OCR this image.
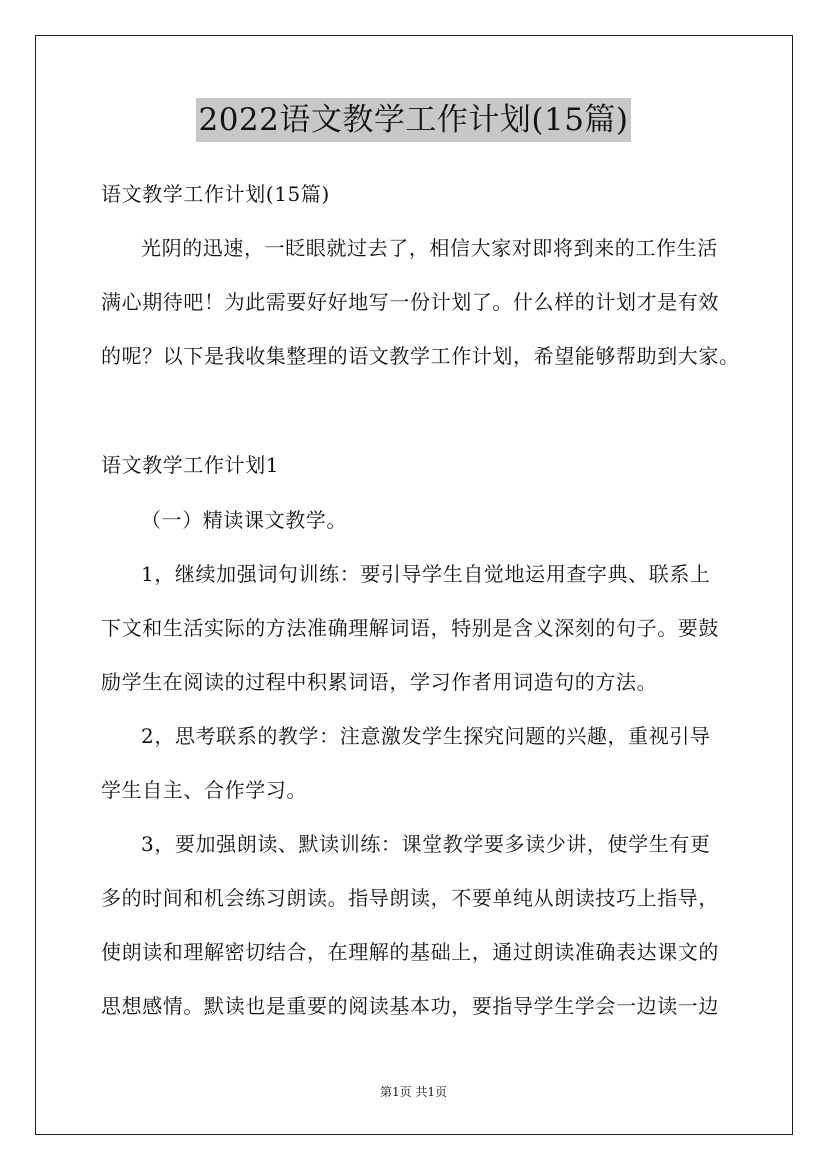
2022语文教学工作计划(15篇)
语文教学工作计划(15篇)
光阴的迅速，一眨眼就过去了，相信大家对即将到来的工作生活
满心期待吧！为此需要好好地写一份计划了。什么样的计划才是有效
的呢？以下是我收集整理的语文教学工作计划，希望能够帮助到大家。
语文教学工作计划1
（一）精读课文教学。
1，继续加强词句训练：要引导学生自觉地运用查字典、联系上
下文和生活实际的方法准确理解词语，特别是含义深刻的句子。要鼓
励学生在阅读的过程中积累词语，学习作者用词造句的方法。
2，思考联系的教学：注意激发学生探究问题的兴趣，重视引导
学生自主、合作学习。
3，要加强朗读、默读训练：课堂教学要多读少讲，使学生有更
多的时间和机会练习朗读。指导朗读，不要单纯从朗读技巧上指导，
使朗读和理解密切结合，在理解的基础上，通过朗读准确表达课文的
思想感情。默读也是重要的阅读基本功，要指导学生学会一边读一边
第1页 共1页
